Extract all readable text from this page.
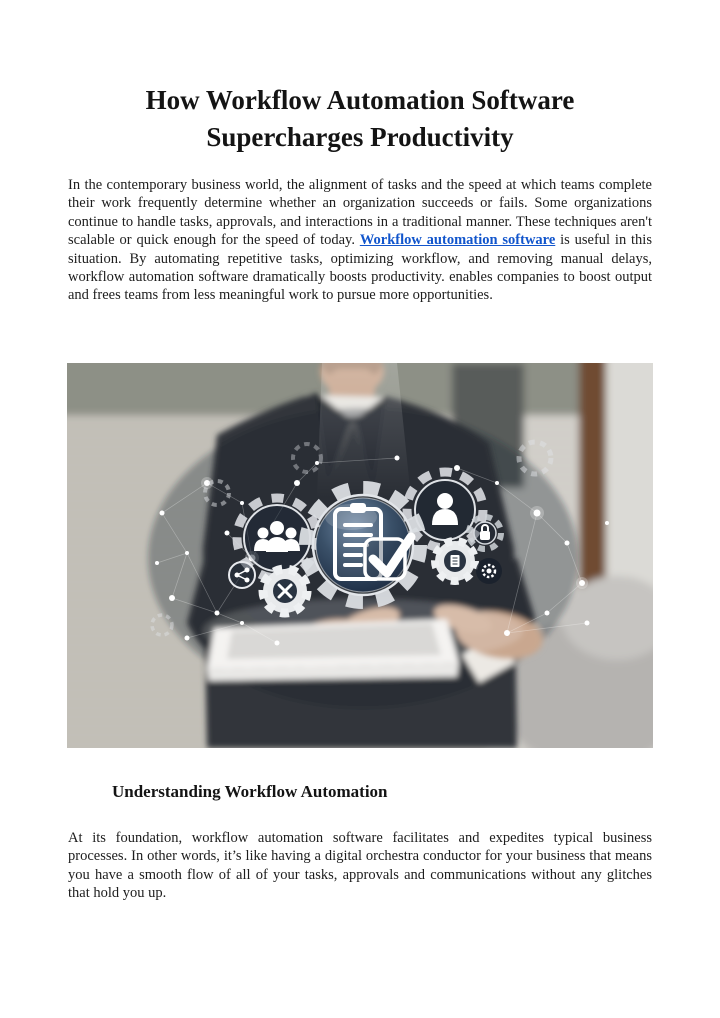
How Workflow Automation Software Supercharges Productivity

In the contemporary business world, the alignment of tasks and the speed at which teams complete their work frequently determine whether an organization succeeds or fails. Some organizations continue to handle tasks, approvals, and interactions in a traditional manner. These techniques aren't scalable or quick enough for the speed of today. Workflow automation software is useful in this situation. By automating repetitive tasks, optimizing workflow, and removing manual delays, workflow automation software dramatically boosts productivity. enables companies to boost output and frees teams from less meaningful work to pursue more opportunities.

Understanding Workflow Automation

At its foundation, workflow automation software facilitates and expedites typical business processes. In other words, it’s like having a digital orchestra conductor for your business that means you have a smooth flow of all of your tasks, approvals and communications without any glitches that hold you up.
